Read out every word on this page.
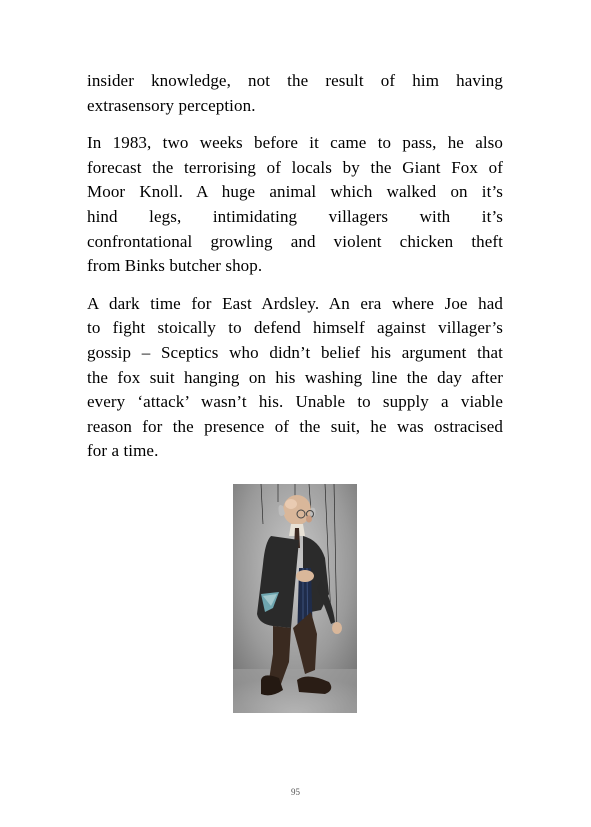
insider knowledge, not the result of him having
extrasensory perception.

In 1983, two weeks before it came to pass, he also
forecast the terrorising of locals by the Giant Fox of
Moor Knoll. A huge animal which walked on it’s
hind legs, intimidating villagers with it’s
confrontational growling and violent chicken theft
from Binks butcher shop.

A dark time for East Ardsley. An era where Joe had
to fight stoically to defend himself against villager’s
gossip – Sceptics who didn’t belief his argument that
the fox suit hanging on his washing line the day after
every ‘attack’ wasn’t his. Unable to supply a viable
reason for the presence of the suit, he was ostracised
for a time.

95
